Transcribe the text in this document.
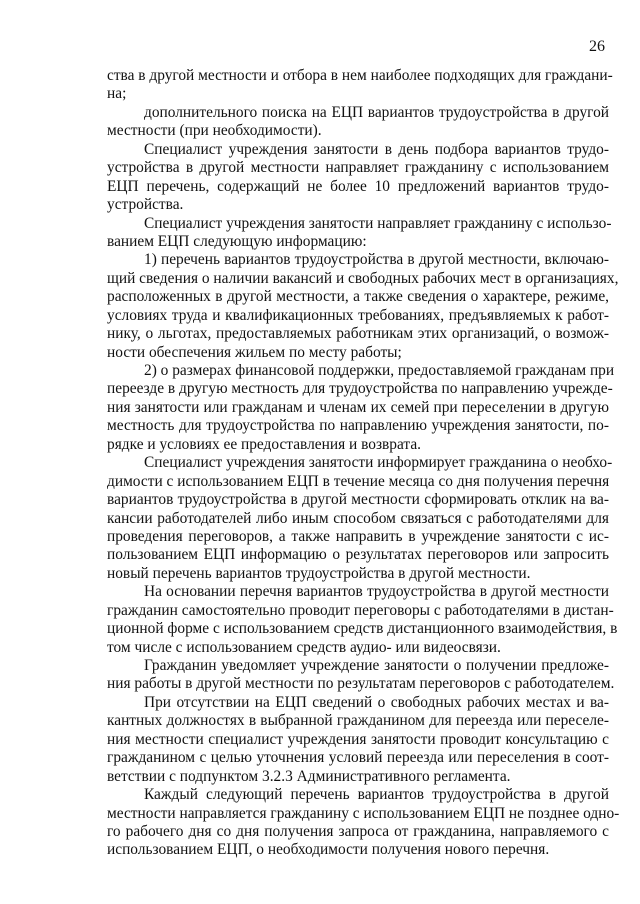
26
ства в другой местности и отбора в нем наиболее подходящих для граждани-
на;
дополнительного поиска на ЕЦП вариантов трудоустройства в другой
местности (при необходимости).
Специалист учреждения занятости в день подбора вариантов трудо-
устройства в другой местности направляет гражданину с использованием
ЕЦП перечень, содержащий не более 10 предложений вариантов трудо-
устройства.
Специалист учреждения занятости направляет гражданину с использо-
ванием ЕЦП следующую информацию:
1) перечень вариантов трудоустройства в другой местности, включаю-
щий сведения о наличии вакансий и свободных рабочих мест в организациях,
расположенных в другой местности, а также сведения о характере, режиме,
условиях труда и квалификационных требованиях, предъявляемых к работ-
нику, о льготах, предоставляемых работникам этих организаций, о возмож-
ности обеспечения жильем по месту работы;
2) о размерах финансовой поддержки, предоставляемой гражданам при
переезде в другую местность для трудоустройства по направлению учрежде-
ния занятости или гражданам и членам их семей при переселении в другую
местность для трудоустройства по направлению учреждения занятости, по-
рядке и условиях ее предоставления и возврата.
Специалист учреждения занятости информирует гражданина о необхо-
димости с использованием ЕЦП в течение месяца со дня получения перечня
вариантов трудоустройства в другой местности сформировать отклик на ва-
кансии работодателей либо иным способом связаться с работодателями для
проведения переговоров, а также направить в учреждение занятости с ис-
пользованием ЕЦП информацию о результатах переговоров или запросить
новый перечень вариантов трудоустройства в другой местности.
На основании перечня вариантов трудоустройства в другой местности
гражданин самостоятельно проводит переговоры с работодателями в дистан-
ционной форме с использованием средств дистанционного взаимодействия, в
том числе с использованием средств аудио- или видеосвязи.
Гражданин уведомляет учреждение занятости о получении предложе-
ния работы в другой местности по результатам переговоров с работодателем.
При отсутствии на ЕЦП сведений о свободных рабочих местах и ва-
кантных должностях в выбранной гражданином для переезда или переселе-
ния местности специалист учреждения занятости проводит консультацию с
гражданином с целью уточнения условий переезда или переселения в соот-
ветствии с подпунктом 3.2.3 Административного регламента.
Каждый следующий перечень вариантов трудоустройства в другой
местности направляется гражданину с использованием ЕЦП не позднее одно-
го рабочего дня со дня получения запроса от гражданина, направляемого с
использованием ЕЦП, о необходимости получения нового перечня.
